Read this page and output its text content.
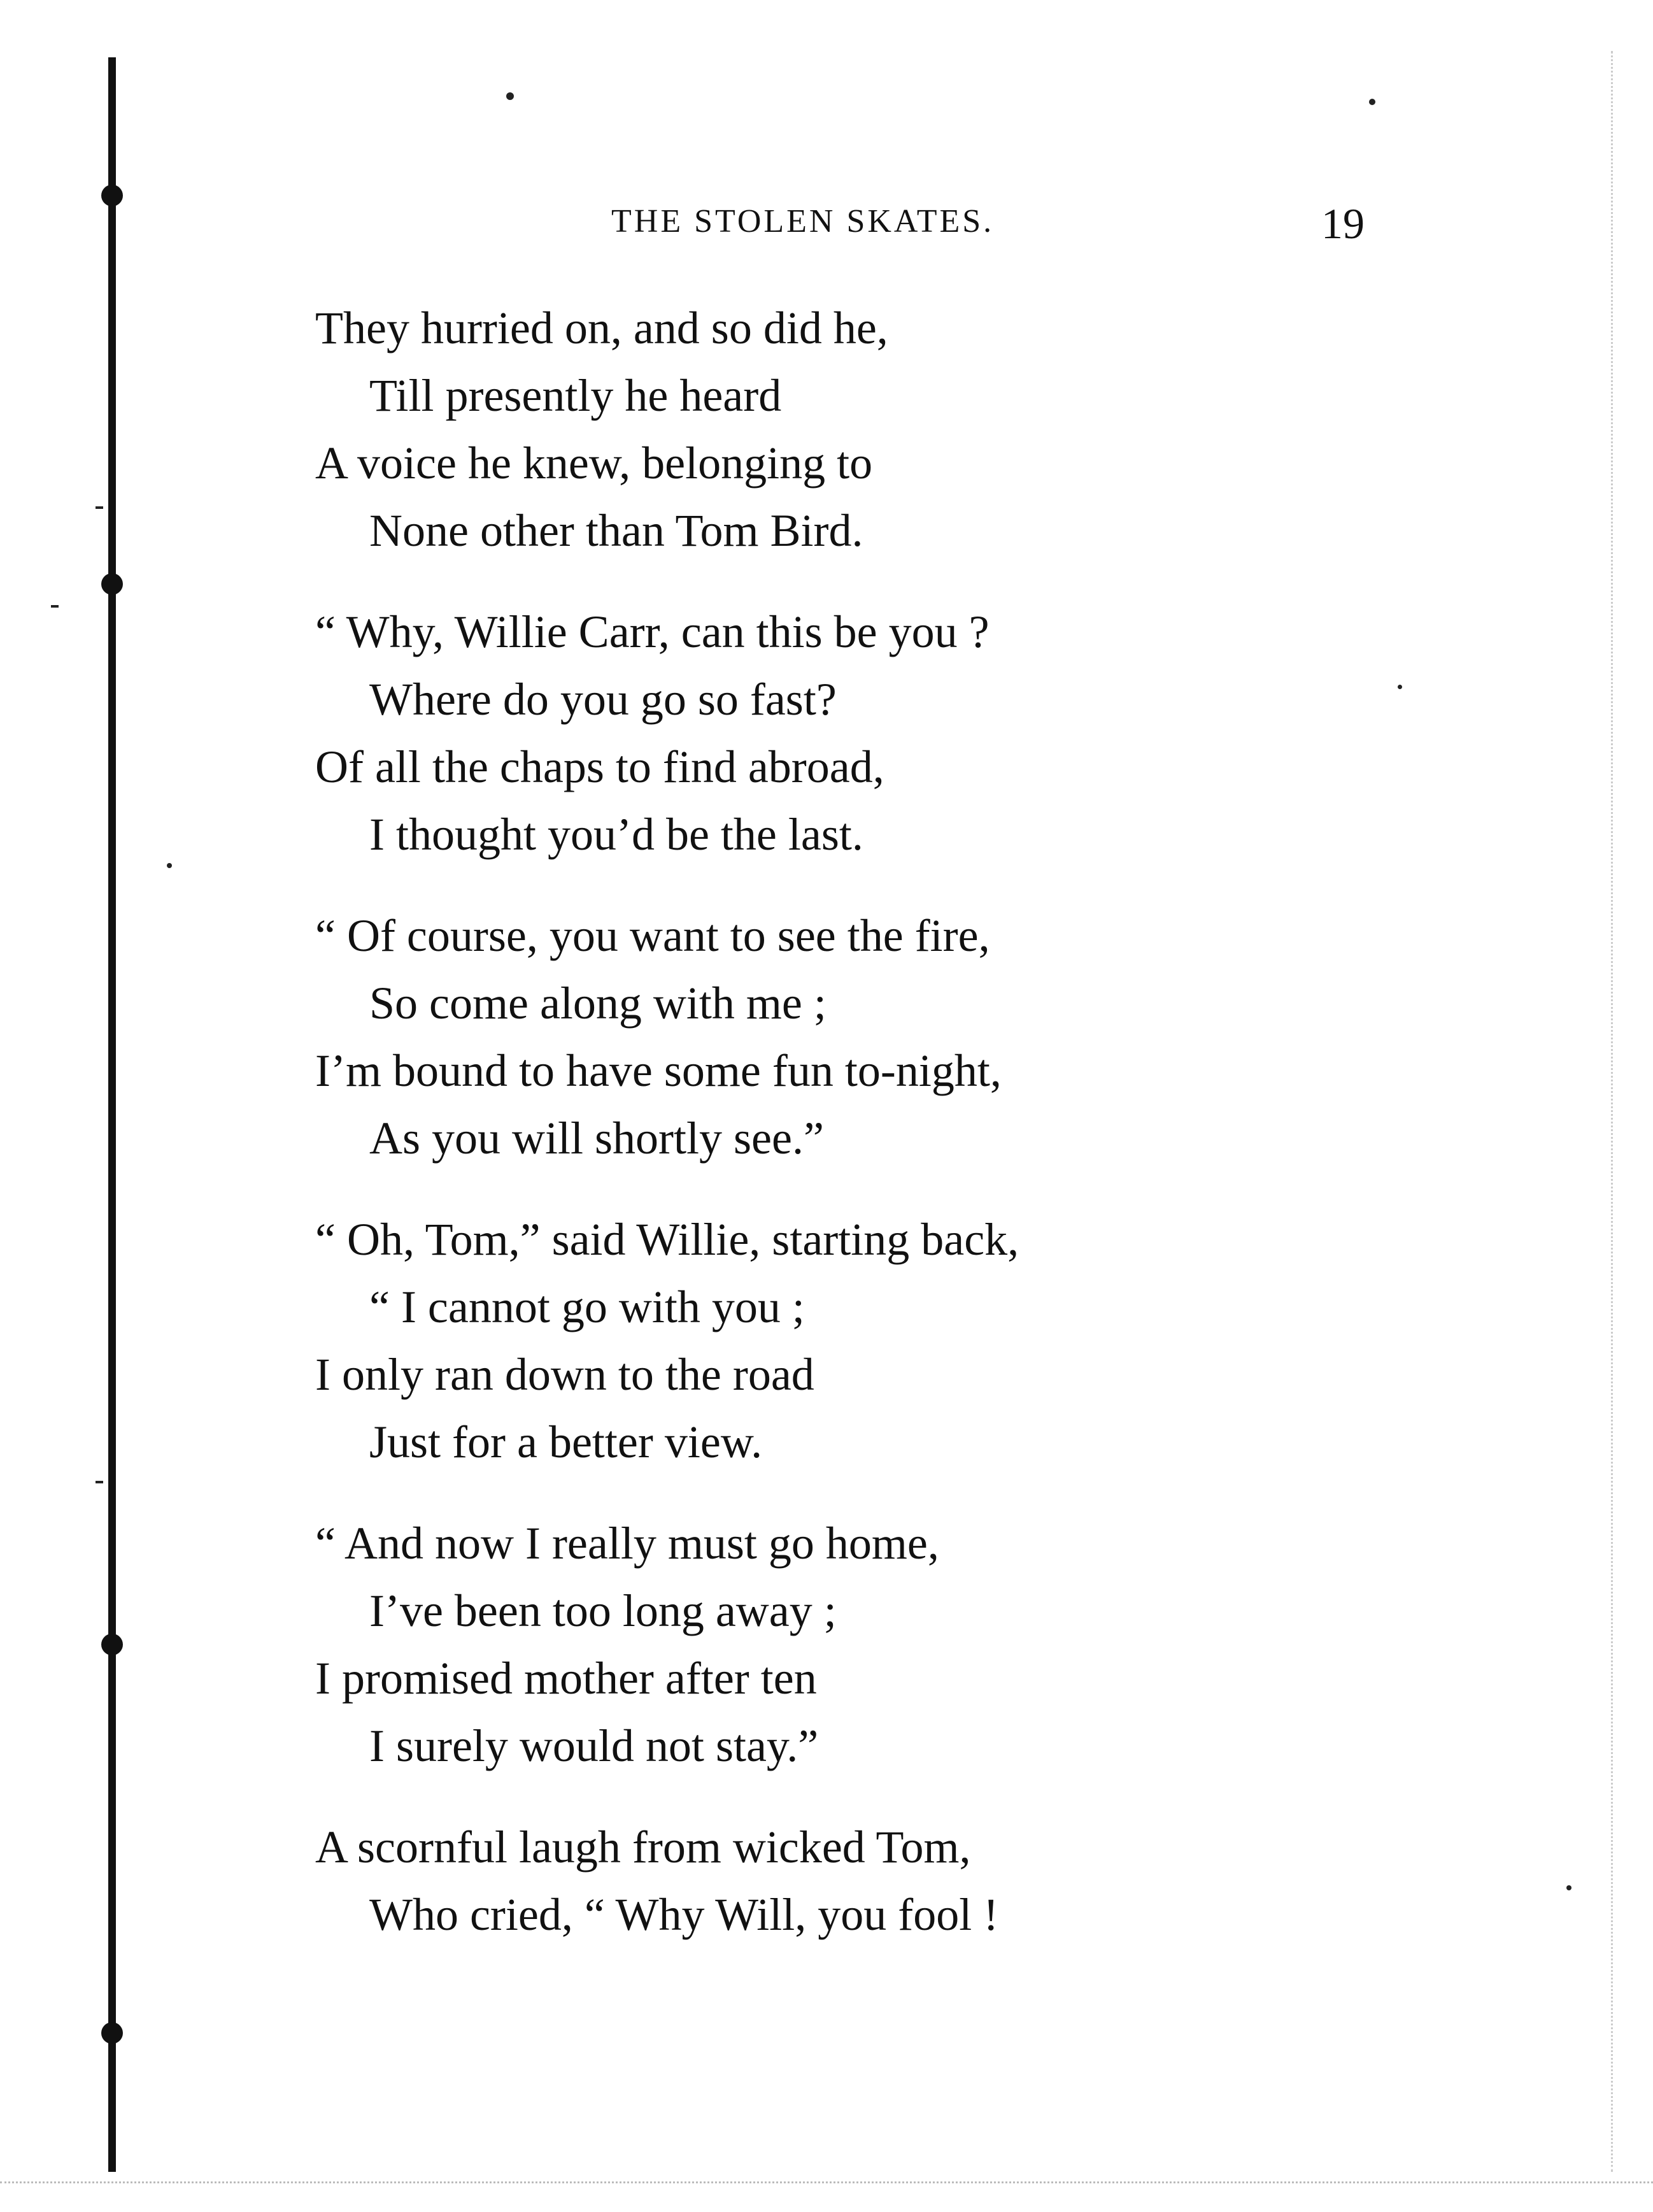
THE STOLEN SKATES.	19
They hurried on, and so did he,
Till presently he heard
A voice he knew, belonging to
None other than Tom Bird.
“ Why, Willie Carr, can this be you ?
Where do you go so fast?
Of all the chaps to find abroad,
I thought you’d be the last.
“ Of course, you want to see the fire,
So come along with me ;
I’m bound to have some fun to-night,
As you will shortly see.”
“ Oh, Tom,” said Willie, starting back,
“ I cannot go with you ;
I only ran down to the road
Just for a better view.
“ And now I really must go home,
I’ve been too long away ;
I promised mother after ten
I surely would not stay.”
A scornful laugh from wicked Tom,
Who cried, “ Why Will, you fool !
